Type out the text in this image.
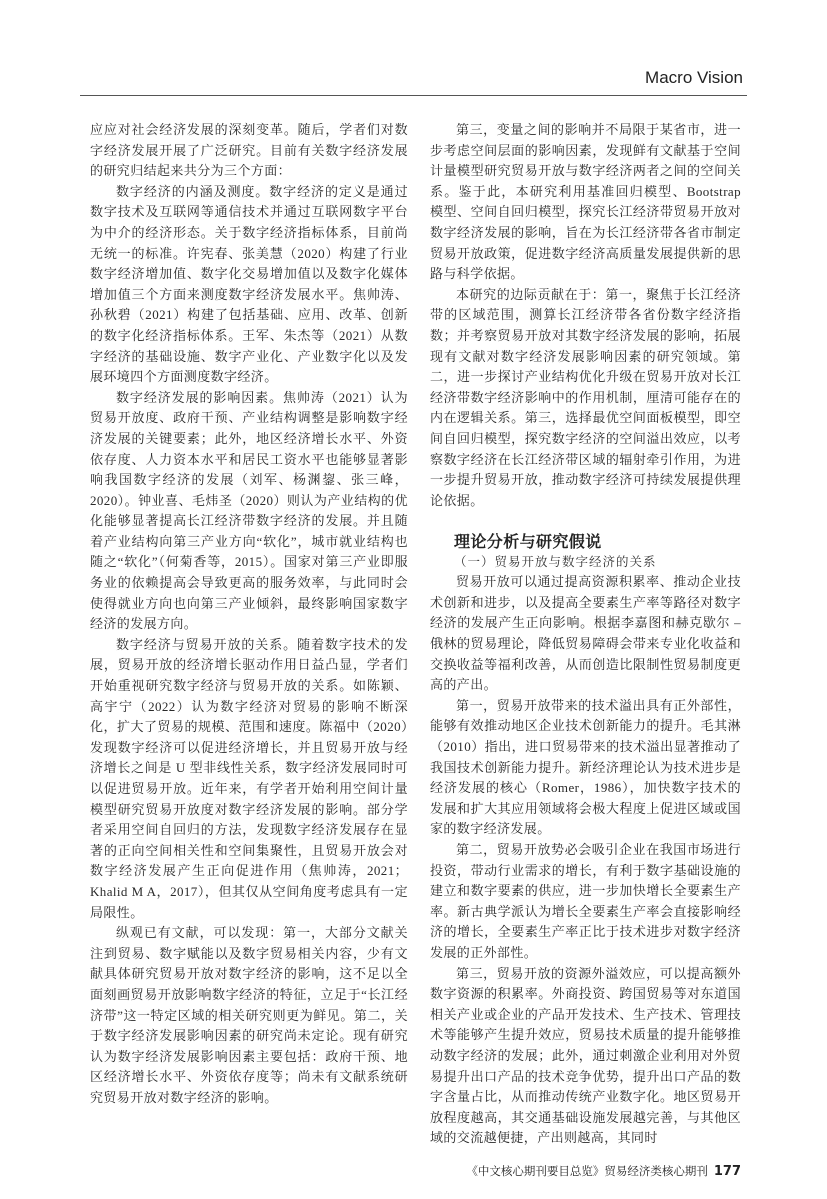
Macro Vision

应应对社会经济发展的深刻变革。随后，学者们对数字经济发展开展了广泛研究。目前有关数字经济发展的研究归结起来共分为三个方面：

数字经济的内涵及测度。数字经济的定义是通过数字技术及互联网等通信技术并通过互联网数字平台为中介的经济形态。关于数字经济指标体系，目前尚无统一的标准。许宪春、张美慧（2020）构建了行业数字经济增加值、数字化交易增加值以及数字化媒体增加值三个方面来测度数字经济发展水平。焦帅涛、孙秋碧（2021）构建了包括基础、应用、改革、创新的数字化经济指标体系。王军、朱杰等（2021）从数字经济的基础设施、数字产业化、产业数字化以及发展环境四个方面测度数字经济。

数字经济发展的影响因素。焦帅涛（2021）认为贸易开放度、政府干预、产业结构调整是影响数字经济发展的关键要素；此外，地区经济增长水平、外资依存度、人力资本水平和居民工资水平也能够显著影响我国数字经济的发展（刘军、杨渊鋆、张三峰，2020）。钟业喜、毛炜圣（2020）则认为产业结构的优化能够显著提高长江经济带数字经济的发展。并且随着产业结构向第三产业方向“软化”，城市就业结构也随之“软化”（何菊香等，2015）。国家对第三产业即服务业的依赖提高会导致更高的服务效率，与此同时会使得就业方向也向第三产业倾斜，最终影响国家数字经济的发展方向。

数字经济与贸易开放的关系。随着数字技术的发展，贸易开放的经济增长驱动作用日益凸显，学者们开始重视研究数字经济与贸易开放的关系。如陈颖、高宇宁（2022）认为数字经济对贸易的影响不断深化，扩大了贸易的规模、范围和速度。陈福中（2020）发现数字经济可以促进经济增长，并且贸易开放与经济增长之间是 U 型非线性关系，数字经济发展同时可以促进贸易开放。近年来，有学者开始利用空间计量模型研究贸易开放度对数字经济发展的影响。部分学者采用空间自回归的方法，发现数字经济发展存在显著的正向空间相关性和空间集聚性，且贸易开放会对数字经济发展产生正向促进作用（焦帅涛，2021；Khalid M A，2017），但其仅从空间角度考虑具有一定局限性。

纵观已有文献，可以发现：第一，大部分文献关注到贸易、数字赋能以及数字贸易相关内容，少有文献具体研究贸易开放对数字经济的影响，这不足以全面刻画贸易开放影响数字经济的特征，立足于“长江经济带”这一特定区域的相关研究则更为鲜见。第二，关于数字经济发展影响因素的研究尚未定论。现有研究认为数字经济发展影响因素主要包括：政府干预、地区经济增长水平、外资依存度等；尚未有文献系统研究贸易开放对数字经济的影响。

第三，变量之间的影响并不局限于某省市，进一步考虑空间层面的影响因素，发现鲜有文献基于空间计量模型研究贸易开放与数字经济两者之间的空间关系。鉴于此，本研究利用基准回归模型、Bootstrap 模型、空间自回归模型，探究长江经济带贸易开放对数字经济发展的影响，旨在为长江经济带各省市制定贸易开放政策，促进数字经济高质量发展提供新的思路与科学依据。

本研究的边际贡献在于：第一，聚焦于长江经济带的区域范围，测算长江经济带各省份数字经济指数；并考察贸易开放对其数字经济发展的影响，拓展现有文献对数字经济发展影响因素的研究领域。第二，进一步探讨产业结构优化升级在贸易开放对长江经济带数字经济影响中的作用机制，厘清可能存在的内在逻辑关系。第三，选择最优空间面板模型，即空间自回归模型，探究数字经济的空间溢出效应，以考察数字经济在长江经济带区域的辐射牵引作用，为进一步提升贸易开放，推动数字经济可持续发展提供理论依据。

理论分析与研究假说
（一）贸易开放与数字经济的关系

贸易开放可以通过提高资源积累率、推动企业技术创新和进步，以及提高全要素生产率等路径对数字经济的发展产生正向影响。根据李嘉图和赫克歇尔 – 俄林的贸易理论，降低贸易障碍会带来专业化收益和交换收益等福利改善，从而创造比限制性贸易制度更高的产出。

第一，贸易开放带来的技术溢出具有正外部性，能够有效推动地区企业技术创新能力的提升。毛其淋（2010）指出，进口贸易带来的技术溢出显著推动了我国技术创新能力提升。新经济理论认为技术进步是经济发展的核心（Romer，1986），加快数字技术的发展和扩大其应用领域将会极大程度上促进区域或国家的数字经济发展。

第二，贸易开放势必会吸引企业在我国市场进行投资，带动行业需求的增长，有利于数字基础设施的建立和数字要素的供应，进一步加快增长全要素生产率。新古典学派认为增长全要素生产率会直接影响经济的增长，全要素生产率正比于技术进步对数字经济发展的正外部性。

第三，贸易开放的资源外溢效应，可以提高额外数字资源的积累率。外商投资、跨国贸易等对东道国相关产业或企业的产品开发技术、生产技术、管理技术等能够产生提升效应，贸易技术质量的提升能够推动数字经济的发展；此外，通过刺激企业利用对外贸易提升出口产品的技术竞争优势，提升出口产品的数字含量占比，从而推动传统产业数字化。地区贸易开放程度越高，其交通基础设施发展越完善，与其他区域的交流越便捷，产出则越高，其同时

《中文核心期刊要目总览》贸易经济类核心期刊 177
